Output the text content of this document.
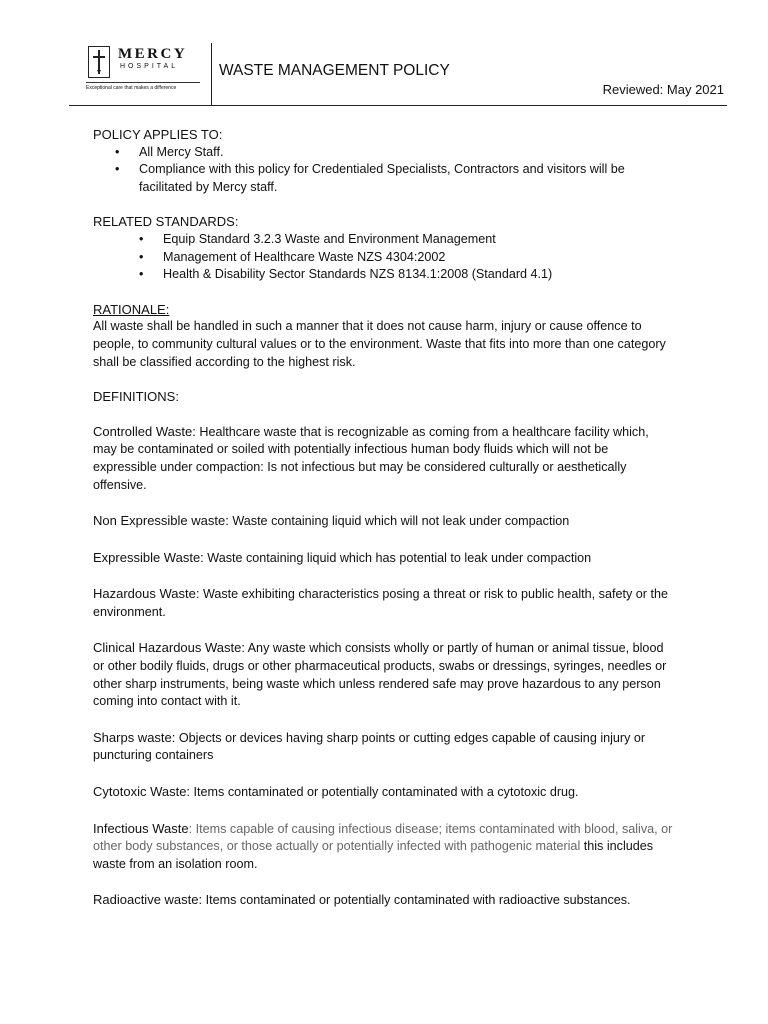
MERCY
HOSPITAL
Exceptional care that makes a difference
WASTE MANAGEMENT POLICY
Reviewed: May 2021
POLICY APPLIES TO:
• All Mercy Staff.
• Compliance with this policy for Credentialed Specialists, Contractors and visitors will be facilitated by Mercy staff.
RELATED STANDARDS:
• Equip Standard 3.2.3 Waste and Environment Management
• Management of Healthcare Waste NZS 4304:2002
• Health & Disability Sector Standards NZS 8134.1:2008 (Standard 4.1)
RATIONALE:

All waste shall be handled in such a manner that it does not cause harm, injury or cause offence to people, to community cultural values or to the environment. Waste that fits into more than one category shall be classified according to the highest risk.

DEFINITIONS:

Controlled Waste: Healthcare waste that is recognizable as coming from a healthcare facility which, may be contaminated or soiled with potentially infectious human body fluids which will not be expressible under compaction: Is not infectious but may be considered culturally or aesthetically offensive.

Non Expressible waste: Waste containing liquid which will not leak under compaction

Expressible Waste: Waste containing liquid which has potential to leak under compaction

Hazardous Waste: Waste exhibiting characteristics posing a threat or risk to public health, safety or the environment.

Clinical Hazardous Waste: Any waste which consists wholly or partly of human or animal tissue, blood or other bodily fluids, drugs or other pharmaceutical products, swabs or dressings, syringes, needles or other sharp instruments, being waste which unless rendered safe may prove hazardous to any person coming into contact with it.

Sharps waste: Objects or devices having sharp points or cutting edges capable of causing injury or puncturing containers

Cytotoxic Waste: Items contaminated or potentially contaminated with a cytotoxic drug.

Infectious Waste: Items capable of causing infectious disease; items contaminated with blood, saliva, or other body substances, or those actually or potentially infected with pathogenic material this includes waste from an isolation room.

Radioactive waste: Items contaminated or potentially contaminated with radioactive substances.
